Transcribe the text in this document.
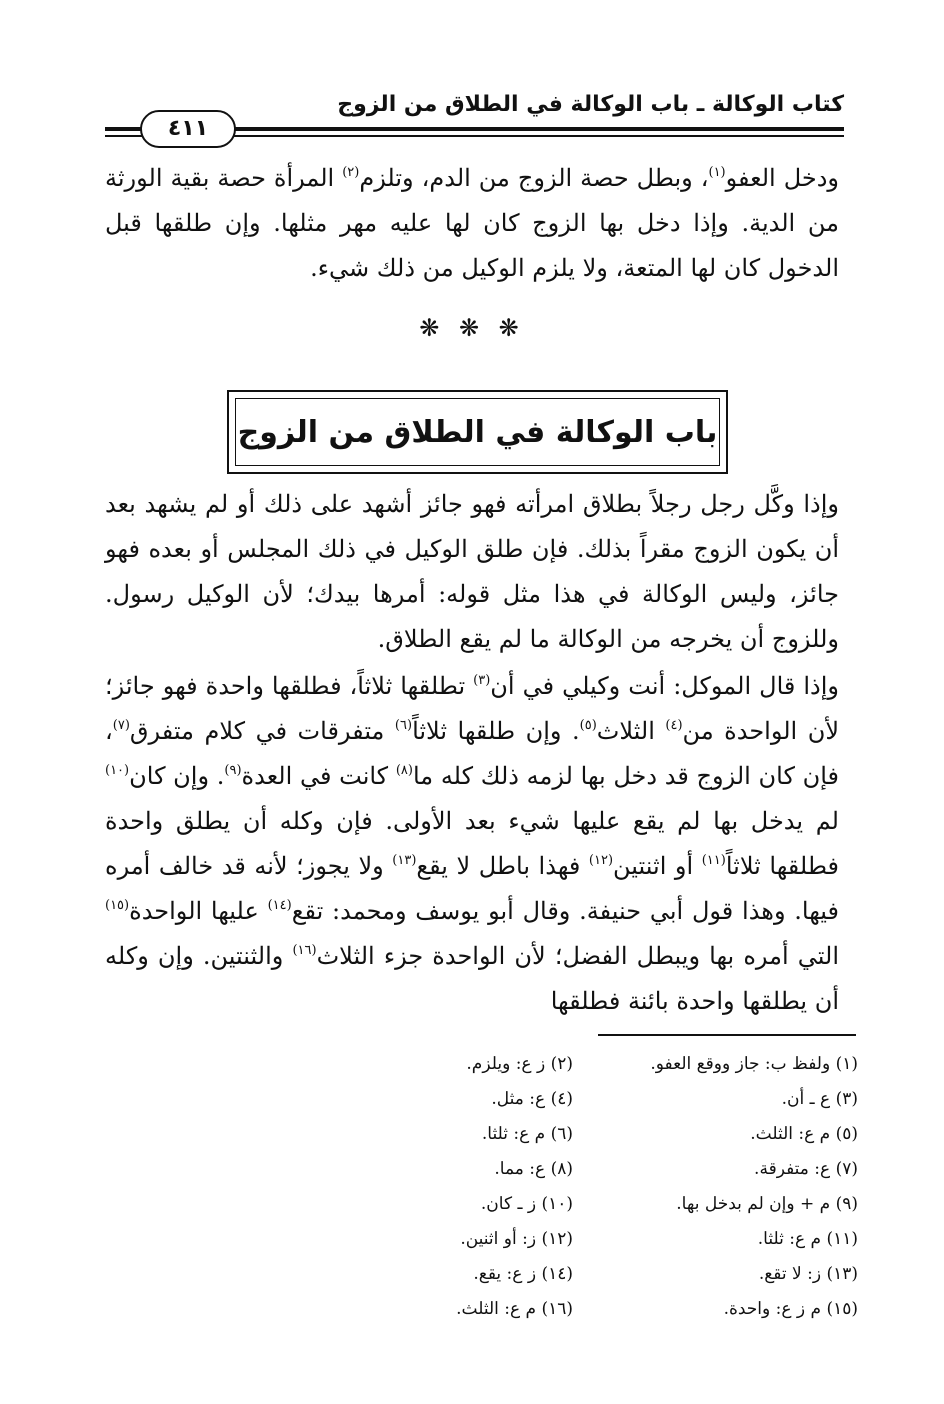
كتاب الوكالة ـ باب الوكالة في الطلاق من الزوج
٤١١

ودخل العفو$^{(١)}$، وبطل حصة الزوج من الدم، وتلزم$^{(٢)}$ المرأة حصة بقية الورثة من الدية. وإذا دخل بها الزوج كان لها عليه مهر مثلها. وإن طلقها قبل الدخول كان لها المتعة، ولا يلزم الوكيل من ذلك شيء.

❋ ❋ ❋
باب الوكالة في الطلاق من الزوج

وإذا وكَّل رجل رجلاً بطلاق امرأته فهو جائز أشهد على ذلك أو لم يشهد بعد أن يكون الزوج مقراً بذلك. فإن طلق الوكيل في ذلك المجلس أو بعده فهو جائز، وليس الوكالة في هذا مثل قوله: أمرها بيدك؛ لأن الوكيل رسول. وللزوج أن يخرجه من الوكالة ما لم يقع الطلاق.

وإذا قال الموكل: أنت وكيلي في أن$^{(٣)}$ تطلقها ثلاثاً، فطلقها واحدة فهو جائز؛ لأن الواحدة من$^{(٤)}$ الثلاث$^{(٥)}$. وإن طلقها ثلاثاً$^{(٦)}$ متفرقات في كلام متفرق$^{(٧)}$، فإن كان الزوج قد دخل بها لزمه ذلك كله ما$^{(٨)}$ كانت في العدة$^{(٩)}$. وإن كان$^{(١٠)}$ لم يدخل بها لم يقع عليها شيء بعد الأولى. فإن وكله أن يطلق واحدة فطلقها ثلاثاً$^{(١١)}$ أو اثنتين$^{(١٢)}$ فهذا باطل لا يقع$^{(١٣)}$ ولا يجوز؛ لأنه قد خالف أمره فيها. وهذا قول أبي حنيفة. وقال أبو يوسف ومحمد: تقع$^{(١٤)}$ عليها الواحدة$^{(١٥)}$ التي أمره بها ويبطل الفضل؛ لأن الواحدة جزء الثلاث$^{(١٦)}$ والثنتين. وإن وكله أن يطلقها واحدة بائنة فطلقها

(١) ولفظ ب: جاز ووقع العفو.
(٢) ز ع: ويلزم.
(٣) ع ـ أن.
(٤) ع: مثل.
(٥) م ع: الثلث.
(٦) م ع: ثلثا.
(٧) ع: متفرقة.
(٨) ع: مما.
(٩) م + وإن لم بدخل بها.
(١٠) ز ـ كان.
(١١) م ع: ثلثا.
(١٢) ز: أو اثنين.
(١٣) ز: لا تقع.
(١٤) ز ع: يقع.
(١٥) م ز ع: واحدة.
(١٦) م ع: الثلث.
